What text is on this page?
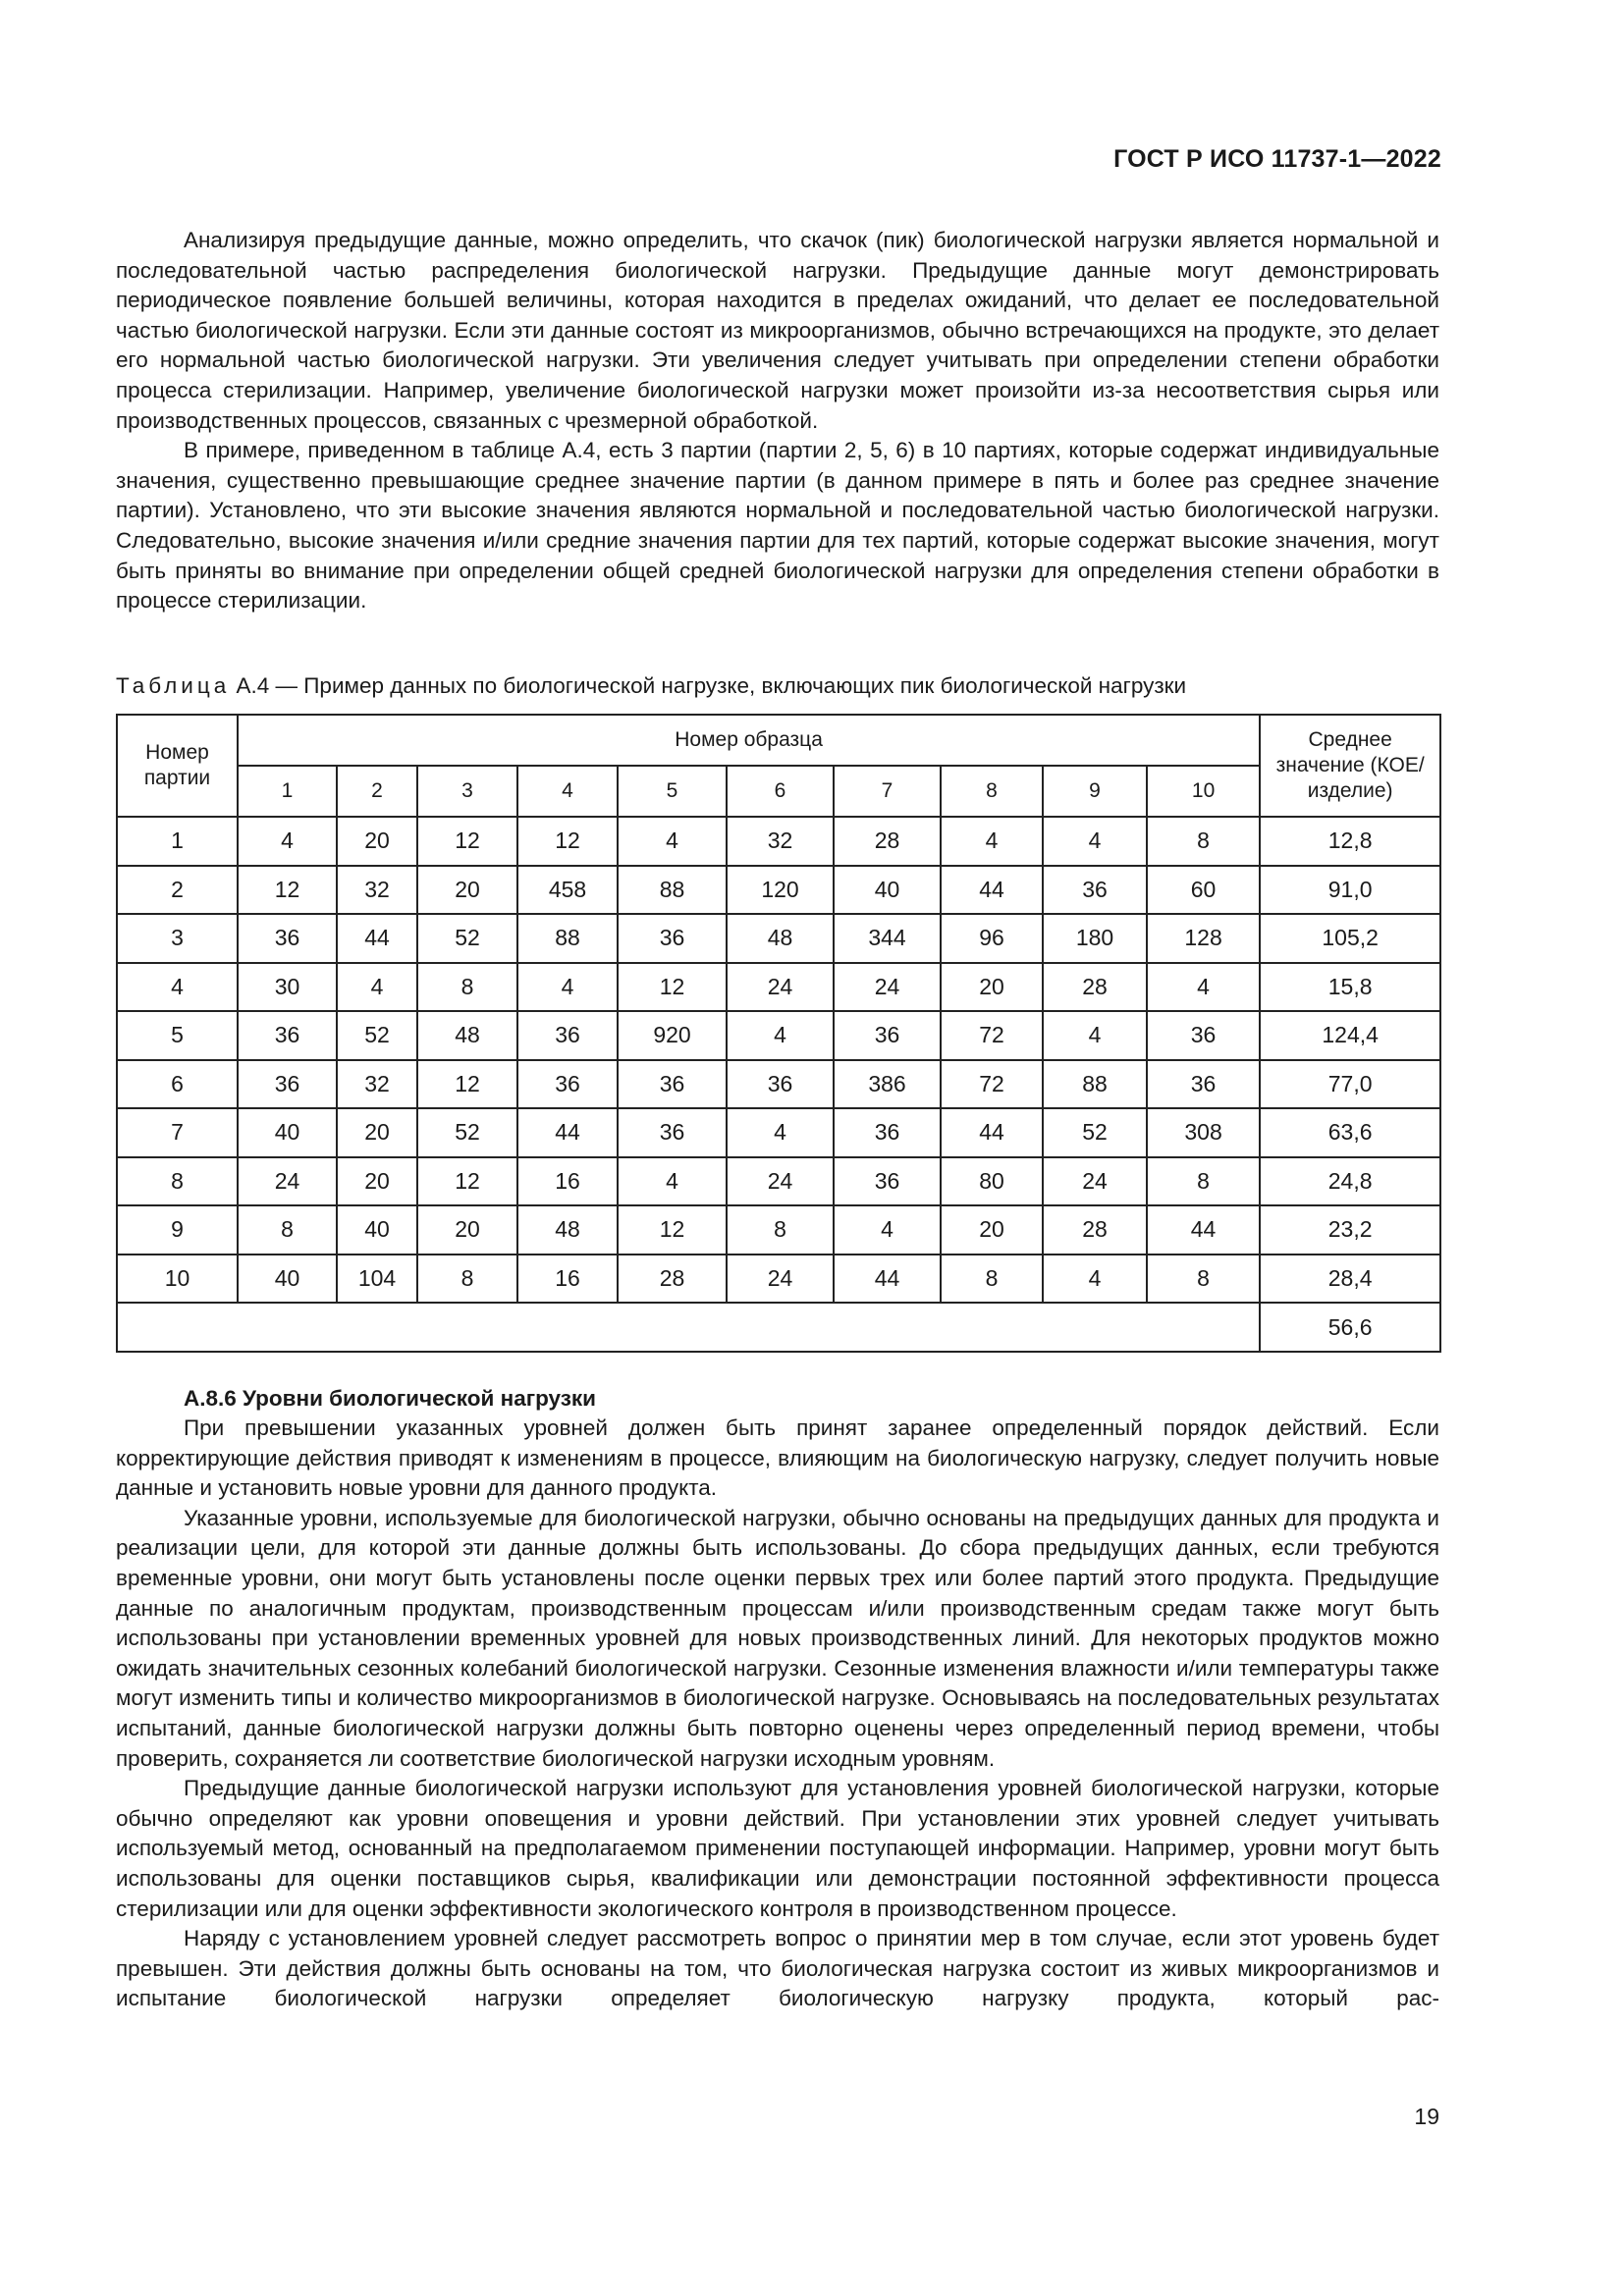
ГОСТ Р ИСО 11737-1—2022

Анализируя предыдущие данные, можно определить, что скачок (пик) биологической нагрузки является нормальной и последовательной частью распределения биологической нагрузки. Предыдущие данные могут демонстрировать периодическое появление большей величины, которая находится в пределах ожиданий, что делает ее последовательной частью биологической нагрузки. Если эти данные состоят из микроорганизмов, обычно встречающихся на продукте, это делает его нормальной частью биологической нагрузки. Эти увеличения следует учитывать при определении степени обработки процесса стерилизации. Например, увеличение биологической нагрузки может произойти из-за несоответствия сырья или производственных процессов, связанных с чрезмерной обработкой.

В примере, приведенном в таблице А.4, есть 3 партии (партии 2, 5, 6) в 10 партиях, которые содержат индивидуальные значения, существенно превышающие среднее значение партии (в данном примере в пять и более раз среднее значение партии). Установлено, что эти высокие значения являются нормальной и последовательной частью биологической нагрузки. Следовательно, высокие значения и/или средние значения партии для тех партий, которые содержат высокие значения, могут быть приняты во внимание при определении общей средней биологической нагрузки для определения степени обработки в процессе стерилизации.

Таблица А.4 — Пример данных по биологической нагрузке, включающих пик биологической нагрузки
Номер партии	Номер образца										Среднее значение (КОЕ/ изделие)
	1	2	3	4	5	6	7	8	9	10	
1	4	20	12	12	4	32	28	4	4	8	12,8
2	12	32	20	458	88	120	40	44	36	60	91,0
3	36	44	52	88	36	48	344	96	180	128	105,2
4	30	4	8	4	12	24	24	20	28	4	15,8
5	36	52	48	36	920	4	36	72	4	36	124,4
6	36	32	12	36	36	36	386	72	88	36	77,0
7	40	20	52	44	36	4	36	44	52	308	63,6
8	24	20	12	16	4	24	36	80	24	8	24,8
9	8	40	20	48	12	8	4	20	28	44	23,2
10	40	104	8	16	28	24	44	8	4	8	28,4
											56,6
А.8.6 Уровни биологической нагрузки

При превышении указанных уровней должен быть принят заранее определенный порядок действий. Если корректирующие действия приводят к изменениям в процессе, влияющим на биологическую нагрузку, следует получить новые данные и установить новые уровни для данного продукта.

Указанные уровни, используемые для биологической нагрузки, обычно основаны на предыдущих данных для продукта и реализации цели, для которой эти данные должны быть использованы. До сбора предыдущих данных, если требуются временные уровни, они могут быть установлены после оценки первых трех или более партий этого продукта. Предыдущие данные по аналогичным продуктам, производственным процессам и/или производственным средам также могут быть использованы при установлении временных уровней для новых производственных линий. Для некоторых продуктов можно ожидать значительных сезонных колебаний биологической нагрузки. Сезонные изменения влажности и/или температуры также могут изменить типы и количество микроорганизмов в биологической нагрузке. Основываясь на последовательных результатах испытаний, данные биологической нагрузки должны быть повторно оценены через определенный период времени, чтобы проверить, сохраняется ли соответствие биологической нагрузки исходным уровням.

Предыдущие данные биологической нагрузки используют для установления уровней биологической нагрузки, которые обычно определяют как уровни оповещения и уровни действий. При установлении этих уровней следует учитывать используемый метод, основанный на предполагаемом применении поступающей информации. Например, уровни могут быть использованы для оценки поставщиков сырья, квалификации или демонстрации постоянной эффективности процесса стерилизации или для оценки эффективности экологического контроля в производственном процессе.

Наряду с установлением уровней следует рассмотреть вопрос о принятии мер в том случае, если этот уровень будет превышен. Эти действия должны быть основаны на том, что биологическая нагрузка состоит из живых микроорганизмов и испытание биологической нагрузки определяет биологическую нагрузку продукта, который рас-

19
